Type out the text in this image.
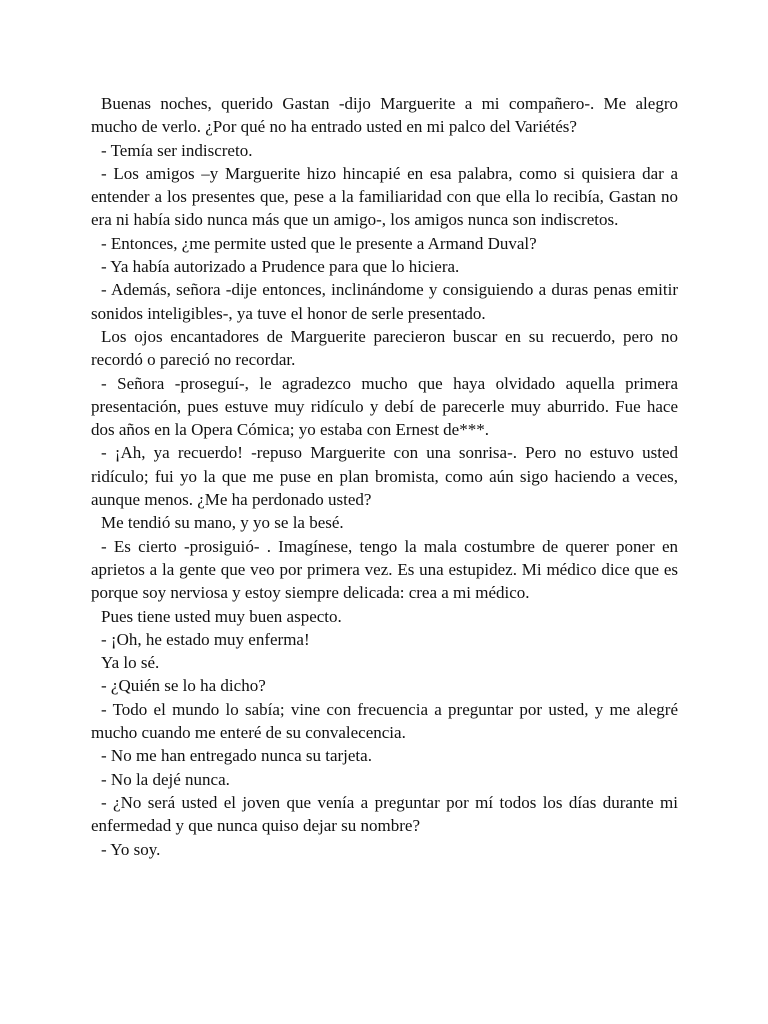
Buenas noches, querido Gastan -dijo Marguerite a mi compañero-. Me alegro mucho de verlo. ¿Por qué no ha entrado usted en mi palco del Variétés?

- Temía ser indiscreto.

- Los amigos –y Marguerite hizo hincapié en esa palabra, como si quisiera dar a entender a los presentes que, pese a la familiaridad con que ella lo recibía, Gastan no era ni había sido nunca más que un amigo-, los amigos nunca son indiscretos.

- Entonces, ¿me permite usted que le presente a Armand Duval?

- Ya había autorizado a Prudence para que lo hiciera.

- Además, señora -dije entonces, inclinándome y consiguiendo a duras penas emitir sonidos inteligibles-, ya tuve el honor de serle presentado.

Los ojos encantadores de Marguerite parecieron buscar en su recuerdo, pero no recordó o pareció no recordar.

- Señora -proseguí-, le agradezco mucho que haya olvidado aquella primera presentación, pues estuve muy ridículo y debí de parecerle muy aburrido. Fue hace dos años en la Opera Cómica; yo estaba con Ernest de***.

- ¡Ah, ya recuerdo! -repuso Marguerite con una sonrisa-. Pero no estuvo usted ridículo; fui yo la que me puse en plan bromista, como aún sigo haciendo a veces, aunque menos. ¿Me ha perdonado usted?

Me tendió su mano, y yo se la besé.

- Es cierto -prosiguió- . Imagínese, tengo la mala costumbre de querer poner en aprietos a la gente que veo por primera vez. Es una estupidez. Mi médico dice que es porque soy nerviosa y estoy siempre delicada: crea a mi médico.

Pues tiene usted muy buen aspecto.

- ¡Oh, he estado muy enferma!

Ya lo sé.

- ¿Quién se lo ha dicho?

- Todo el mundo lo sabía; vine con frecuencia a preguntar por usted, y me alegré mucho cuando me enteré de su convalecencia.

- No me han entregado nunca su tarjeta.

- No la dejé nunca.

- ¿No será usted el joven que venía a preguntar por mí todos los días durante mi enfermedad y que nunca quiso dejar su nombre?

- Yo soy.
